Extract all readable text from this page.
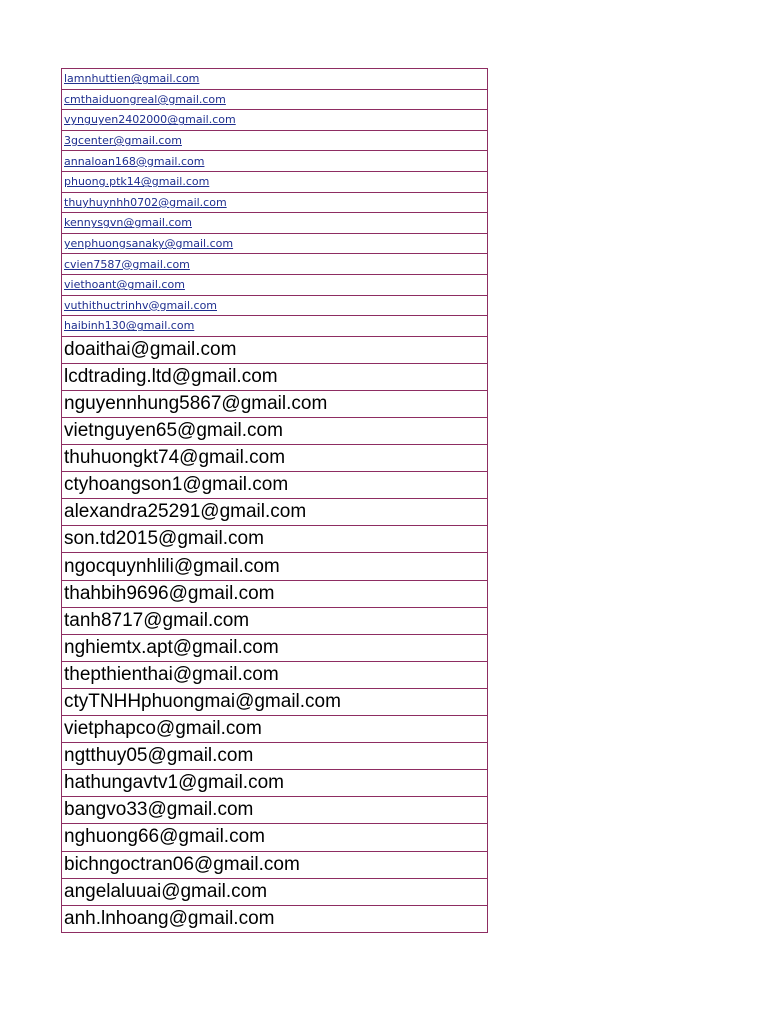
lamnhuttien@gmail.com
cmthaiduongreal@gmail.com
vynguyen2402000@gmail.com
3gcenter@gmail.com
annaloan168@gmail.com
phuong.ptk14@gmail.com
thuyhuynhh0702@gmail.com
kennysgvn@gmail.com
yenphuongsanaky@gmail.com
cvien7587@gmail.com
viethoant@gmail.com
vuthithuctrinhv@gmail.com
haibinh130@gmail.com
doaithai@gmail.com
lcdtrading.ltd@gmail.com
nguyennhung5867@gmail.com
vietnguyen65@gmail.com
thuhuongkt74@gmail.com
ctyhoangson1@gmail.com
alexandra25291@gmail.com
son.td2015@gmail.com
ngocquynhlili@gmail.com
thahbih9696@gmail.com
tanh8717@gmail.com
nghiemtx.apt@gmail.com
thepthienthai@gmail.com
ctyTNHHphuongmai@gmail.com
vietphapco@gmail.com
ngtthuy05@gmail.com
hathungavtv1@gmail.com
bangvo33@gmail.com
nghuong66@gmail.com
bichngoctran06@gmail.com
angelaluuai@gmail.com
anh.lnhoang@gmail.com
